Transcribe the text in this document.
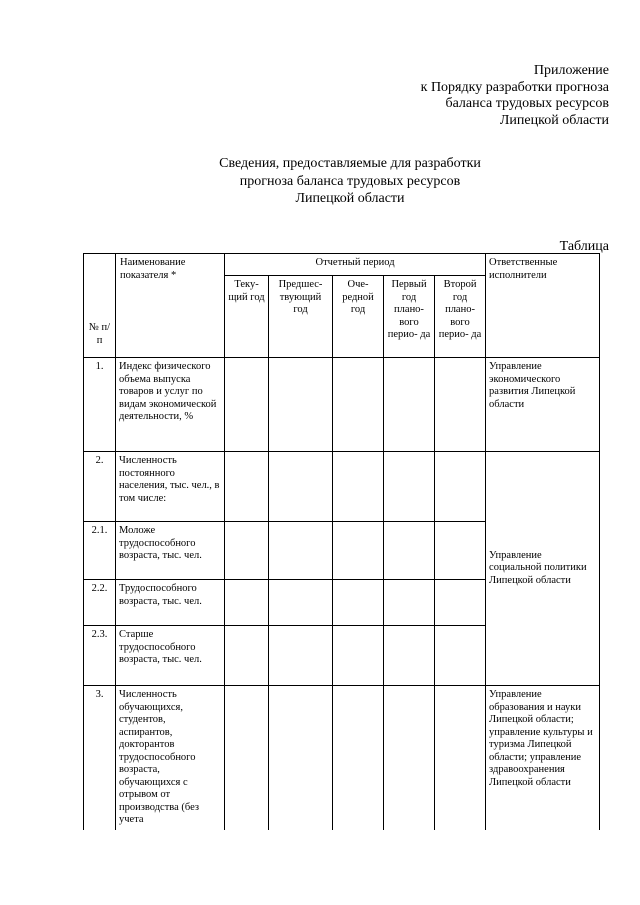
Приложение
к Порядку разработки прогноза
баланса трудовых ресурсов
Липецкой области
Сведения, предоставляемые для разработки
прогноза баланса трудовых ресурсов
Липецкой области
Таблица
№ п/п	Наименование показателя *	Отчетный период					Ответственные исполнители
		Теку- щий год	Предшес- твующий год	Оче- редной год	Первый год плано- вого перио- да	Второй год плано- вого перио- да	
1.	Индекс физического объема выпуска товаров и услуг по видам экономической деятельности, %						Управление экономического развития Липецкой области
2.	Численность постоянного населения, тыс. чел., в том числе:						Управление социальной политики Липецкой области
2.1.	Моложе трудоспособного возраста, тыс. чел.						
2.2.	Трудоспособного возраста, тыс. чел.						
2.3.	Старше трудоспособного возраста, тыс. чел.						
3.	Численность обучающихся, студентов, аспирантов, докторантов трудоспособного возраста, обучающихся с отрывом от производства (без учета						Управление образования и науки Липецкой области; управление культуры и туризма Липецкой области; управление здравоохранения Липецкой области
